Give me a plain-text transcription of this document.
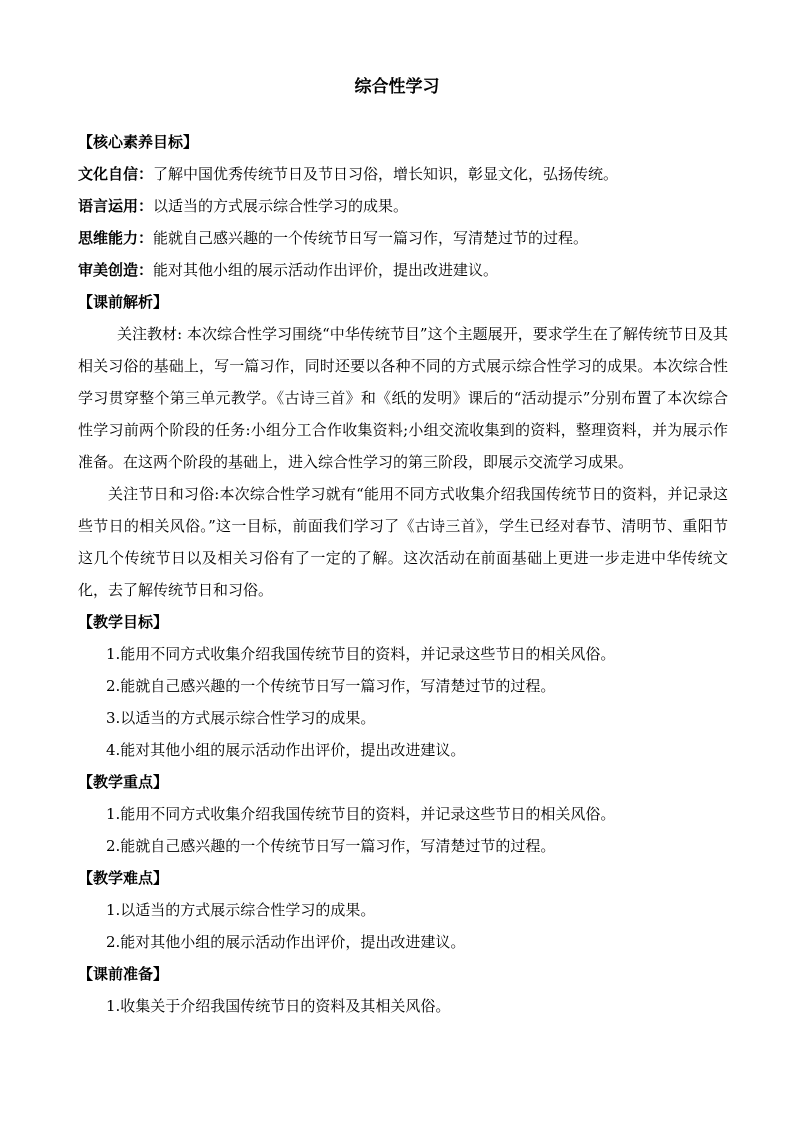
综合性学习
【核心素养目标】
文化自信：了解中国优秀传统节日及节日习俗，增长知识，彰显文化，弘扬传统。
语言运用：以适当的方式展示综合性学习的成果。
思维能力：能就自己感兴趣的一个传统节日写一篇习作，写清楚过节的过程。
审美创造：能对其他小组的展示活动作出评价，提出改进建议。
【课前解析】

关注教材: 本次综合性学习围绕“中华传统节目”这个主题展开，要求学生在了解传统节日及其相关习俗的基础上，写一篇习作，同时还要以各种不同的方式展示综合性学习的成果。本次综合性学习贯穿整个第三单元教学。《古诗三首》和《纸的发明》课后的“活动提示”分别布置了本次综合性学习前两个阶段的任务:小组分工合作收集资料;小组交流收集到的资料，整理资料，并为展示作准备。在这两个阶段的基础上，进入综合性学习的第三阶段，即展示交流学习成果。

关注节日和习俗:本次综合性学习就有“能用不同方式收集介绍我国传统节日的资料，并记录这些节日的相关风俗。”这一目标，前面我们学习了《古诗三首》，学生已经对春节、清明节、重阳节这几个传统节日以及相关习俗有了一定的了解。这次活动在前面基础上更进一步走进中华传统文化，去了解传统节日和习俗。

【教学目标】
1.能用不同方式收集介绍我国传统节目的资料，并记录这些节日的相关风俗。
2.能就自己感兴趣的一个传统节日写一篇习作，写清楚过节的过程。
3.以适当的方式展示综合性学习的成果。
4.能对其他小组的展示活动作出评价，提出改进建议。
【教学重点】
1.能用不同方式收集介绍我国传统节目的资料，并记录这些节日的相关风俗。
2.能就自己感兴趣的一个传统节日写一篇习作，写清楚过节的过程。
【教学难点】
1.以适当的方式展示综合性学习的成果。
2.能对其他小组的展示活动作出评价，提出改进建议。
【课前准备】
1.收集关于介绍我国传统节日的资料及其相关风俗。
